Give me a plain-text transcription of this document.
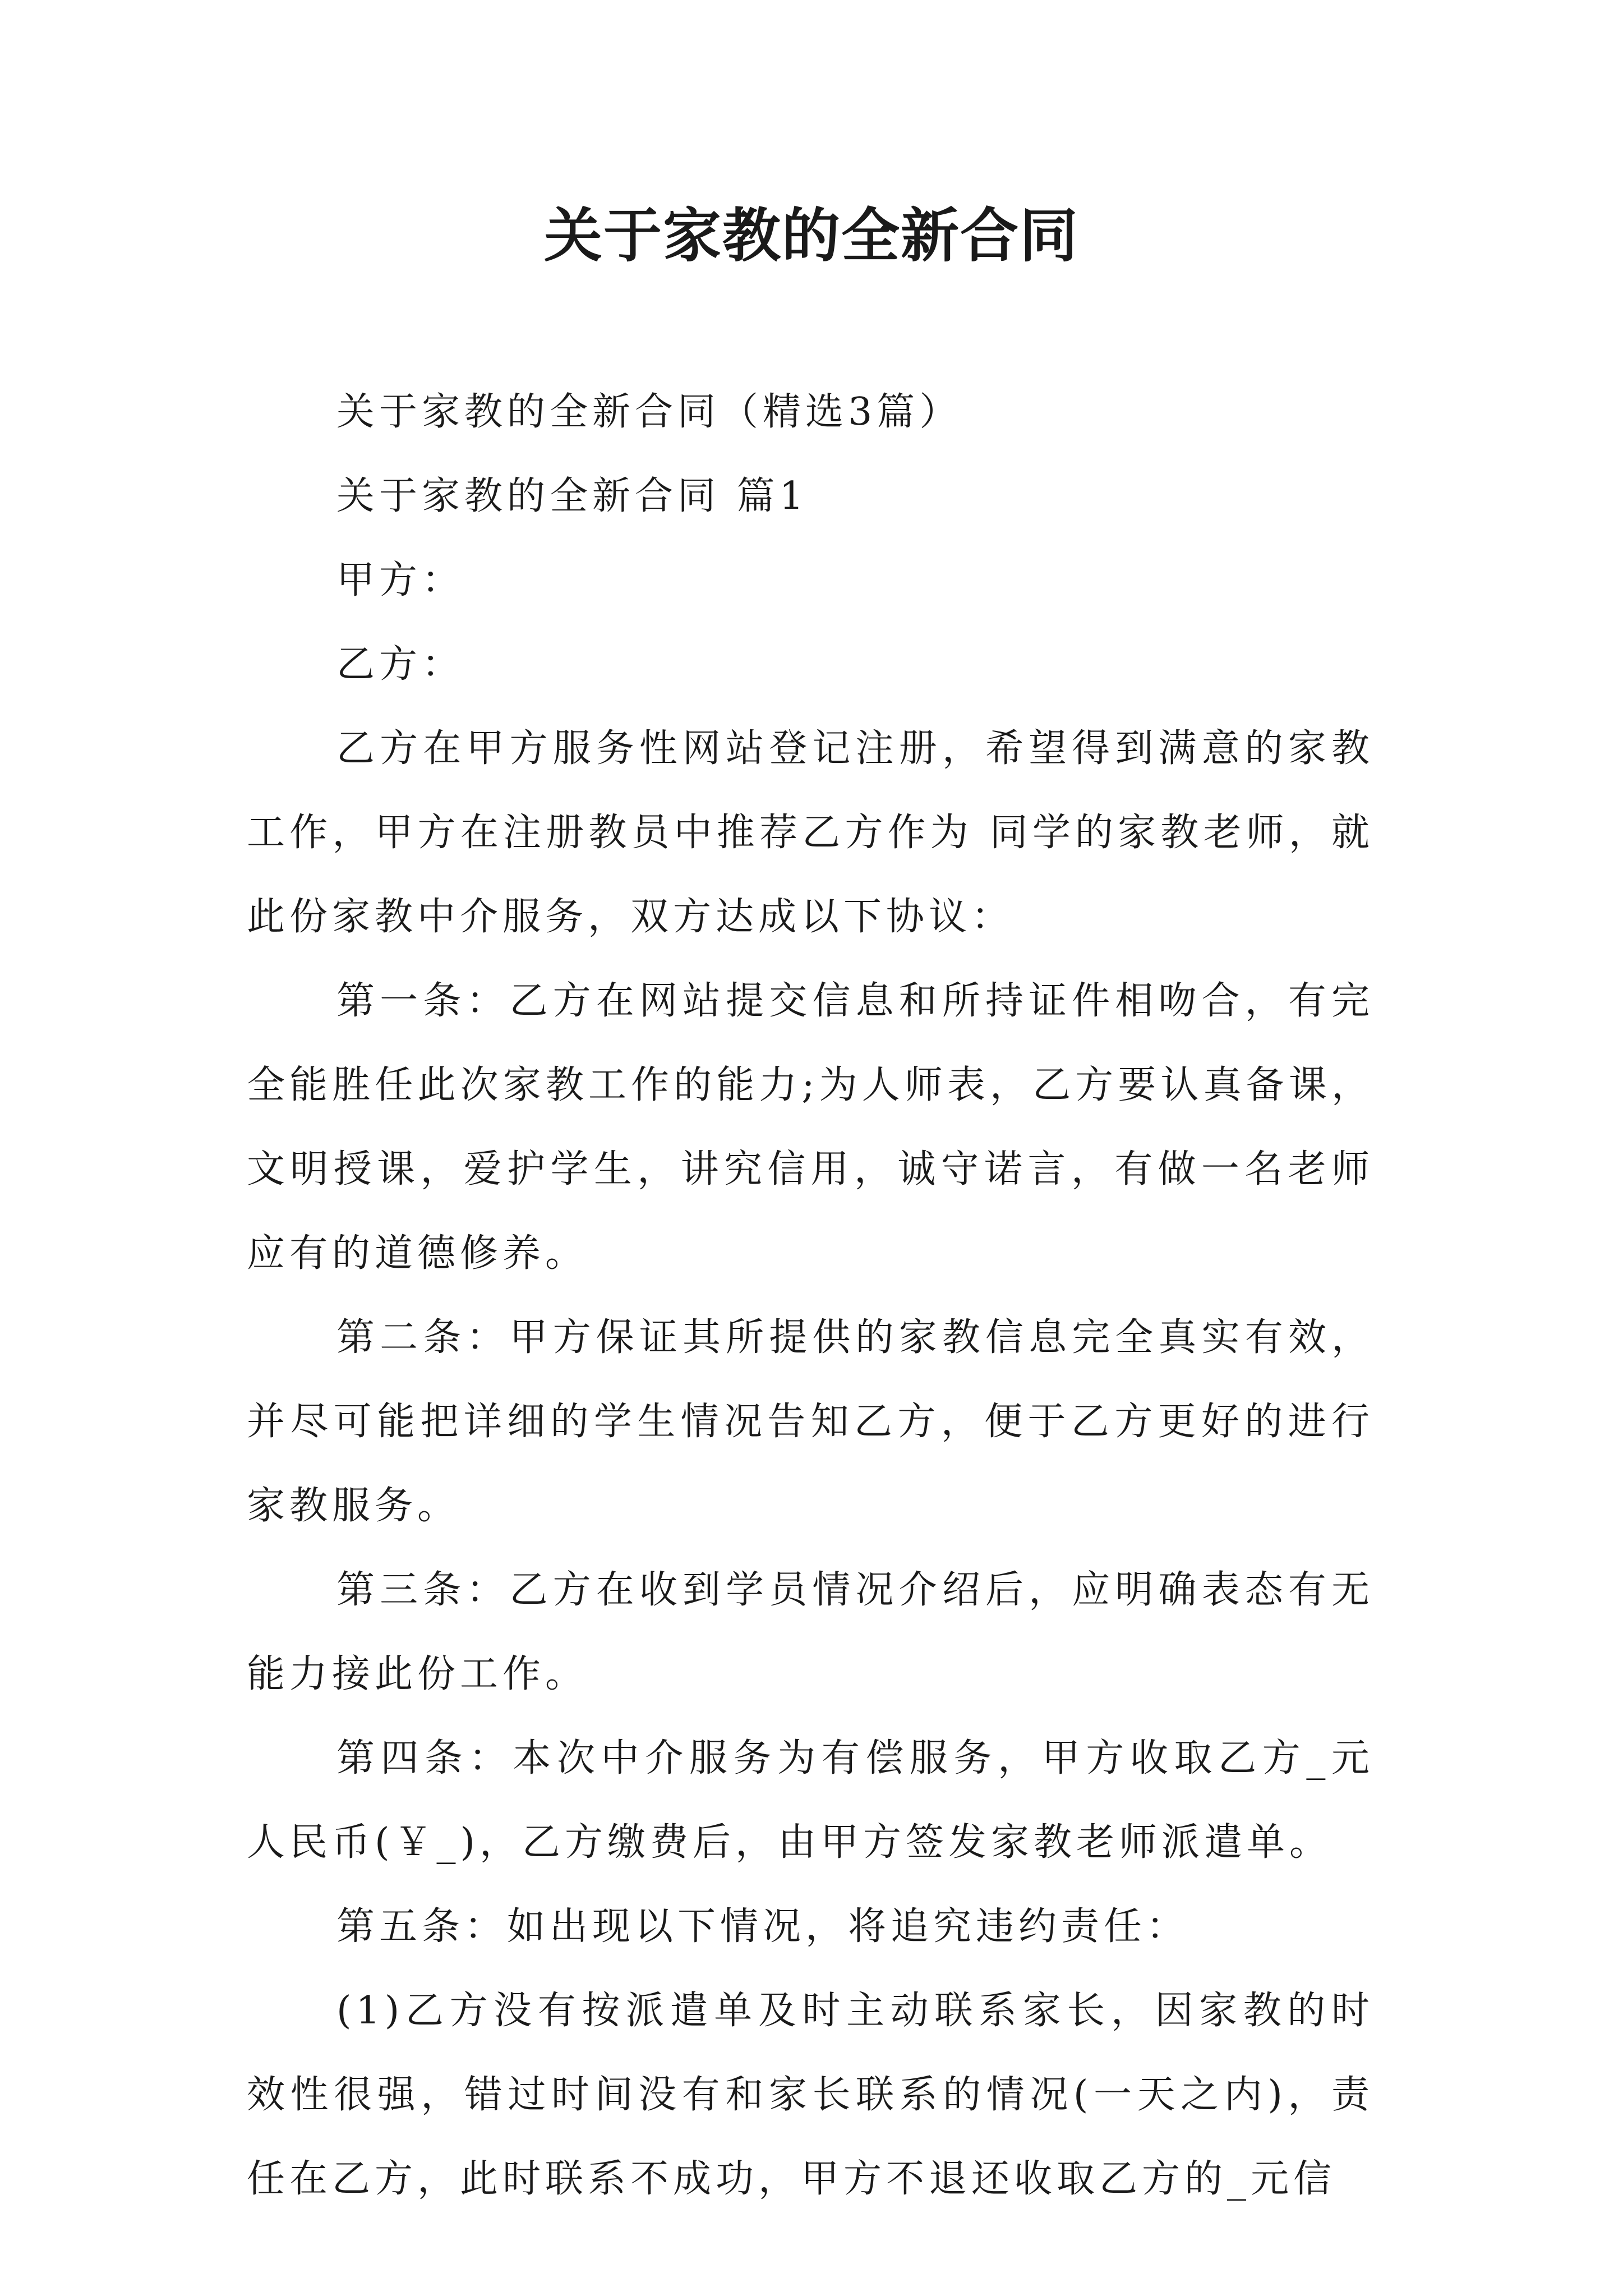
关于家教的全新合同

关于家教的全新合同（精选3篇）

关于家教的全新合同 篇1

甲方：

乙方：

乙方在甲方服务性网站登记注册，希望得到满意的家教工作，甲方在注册教员中推荐乙方作为 同学的家教老师，就此份家教中介服务，双方达成以下协议：

第一条：乙方在网站提交信息和所持证件相吻合，有完全能胜任此次家教工作的能力;为人师表，乙方要认真备课，文明授课，爱护学生，讲究信用，诚守诺言，有做一名老师应有的道德修养。

第二条：甲方保证其所提供的家教信息完全真实有效，并尽可能把详细的学生情况告知乙方，便于乙方更好的进行家教服务。

第三条：乙方在收到学员情况介绍后，应明确表态有无能力接此份工作。

第四条：本次中介服务为有偿服务，甲方收取乙方_元人民币(￥_)，乙方缴费后，由甲方签发家教老师派遣单。

第五条：如出现以下情况，将追究违约责任：

(1)乙方没有按派遣单及时主动联系家长，因家教的时效性很强，错过时间没有和家长联系的情况(一天之内)，责任在乙方，此时联系不成功，甲方不退还收取乙方的_元信
